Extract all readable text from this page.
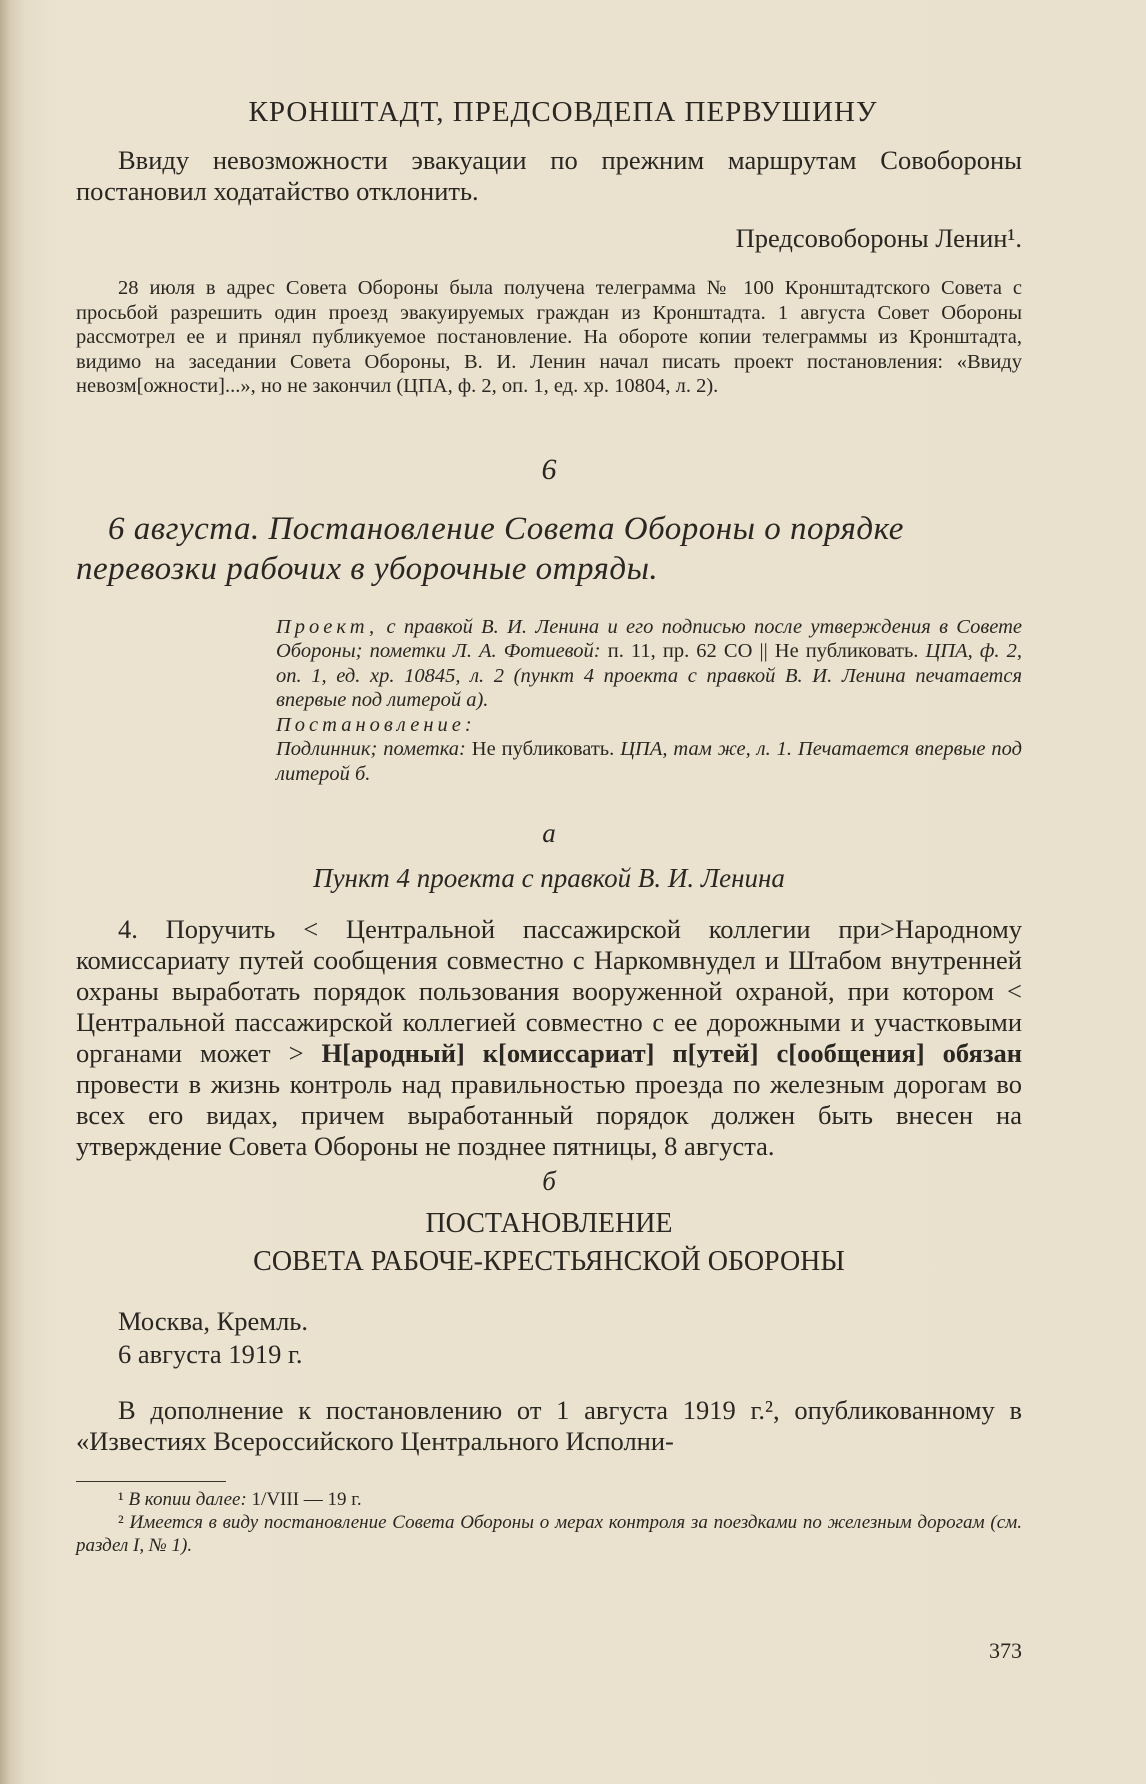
КРОНШТАДТ, ПРЕДСОВДЕПА ПЕРВУШИНУ

Ввиду невозможности эвакуации по прежним маршрутам Совобороны постановил ходатайство отклонить.

Предсовобороны Ленин¹.

28 июля в адрес Совета Обороны была получена телеграмма № 100 Кронштадтского Совета с просьбой разрешить один проезд эвакуируемых граждан из Кронштадта. 1 августа Совет Обороны рассмотрел ее и принял публикуемое постановление. На обороте копии телеграммы из Кронштадта, видимо на заседании Совета Обороны, В. И. Ленин начал писать проект постановления: «Ввиду невозм[ожности]...», но не закончил (ЦПА, ф. 2, оп. 1, ед. хр. 10804, л. 2).

6

6 августа. Постановление Совета Обороны о порядке перевозки рабочих в уборочные отряды.

Проект, с правкой В. И. Ленина и его подписью после утверждения в Совете Обороны; пометки Л. А. Фотиевой: п. 11, пр. 62 СО || Не публиковать. ЦПА, ф. 2, оп. 1, ед. хр. 10845, л. 2 (пункт 4 проекта с правкой В. И. Ленина печатается впервые под литерой а).

Постановление:

Подлинник; пометка: Не публиковать. ЦПА, там же, л. 1. Печатается впервые под литерой б.

а
Пункт 4 проекта с правкой В. И. Ленина

4. Поручить < Центральной пассажирской коллегии при>Народному комиссариату путей сообщения совместно с Наркомвнудел и Штабом внутренней охраны выработать порядок пользования вооруженной охраной, при котором < Центральной пассажирской коллегией совместно с ее дорожными и участковыми органами может > Н[ародный] к[омиссариат] п[утей] с[ообщения] обязан провести в жизнь контроль над правильностью проезда по железным дорогам во всех его видах, причем выработанный порядок должен быть внесен на утверждение Совета Обороны не позднее пятницы, 8 августа.

б
ПОСТАНОВЛЕНИЕ
СОВЕТА РАБОЧЕ-КРЕСТЬЯНСКОЙ ОБОРОНЫ
Москва, Кремль.
6 августа 1919 г.

В дополнение к постановлению от 1 августа 1919 г.², опубликованному в «Известиях Всероссийского Центрального Исполни-

¹ В копии далее: 1/VIII — 19 г.

² Имеется в виду постановление Совета Обороны о мерах контроля за поездками по железным дорогам (см. раздел I, № 1).

373
